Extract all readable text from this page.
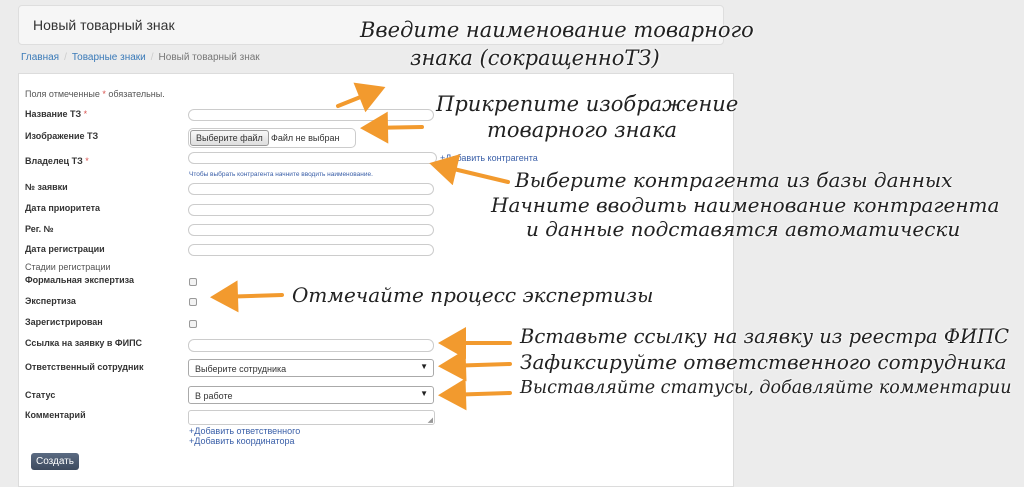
Новый товарный знак
Главная / Товарные знаки / Новый товарный знак
Поля отмеченные * обязательны.
Название ТЗ *
Изображение ТЗ	Выберите файл Файл не выбран
Владелец ТЗ *	+Добавить контрагента
Чтобы выбрать контрагента начните вводить наименование.
№ заявки
Дата приоритета
Рег. №
Дата регистрации
Стадии регистрации
Формальная экспертиза
Экспертиза
Зарегистрирован
Ссылка на заявку в ФИПС
Ответственный сотрудник	Выберите сотрудника	▼
Статус	В работе	▼
Комментарий
◢
+Добавить ответственного
+Добавить координатора
Создать
Введите наименование товарного
знака (сокращенноТЗ)
Прикрепите изображение
товарного знака
Выберите контрагента из базы данных
Начните вводить наименование контрагента
и данные подставятся автоматически
Отмечайте процесс экспертизы
Вставьте ссылку на заявку из реестра ФИПС
Зафиксируйте ответственного сотрудника
Выставляйте статусы, добавляйте комментарии
